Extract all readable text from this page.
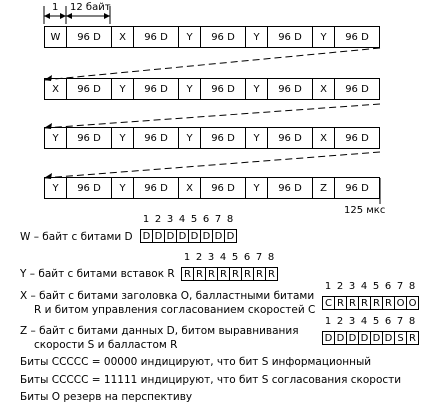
1 12 байт
W	96 D	X	96 D	Y	96 D	Y	96 D	Y	96 D
X	96 D	Y	96 D	Y	96 D	Y	96 D	X	96 D
Y	96 D	Y	96 D	Y	96 D	Y	96 D	X	96 D
Y	96 D	Y	96 D	X	96 D	Y	96 D	Z	96 D
125 мкс
1 2 3 4 5 6 7 8
W – байт с битами D D D D D D D D D
1 2 3 4 5 6 7 8
Y – байт с битами вставок R R R R R R R R R
1 2 3 4 5 6 7 8
X – байт с битами заголовка O, балластными битами
R и битом управления согласованием скоростей C
C R R R R R O O
1 2 3 4 5 6 7 8
Z – байт с битами данных D, битом выравнивания
скорости S и балластом R
D D D D D D S R
Биты CCCCC = 00000 индицируют, что бит S информационный
Биты CCCCC = 11111 индицируют, что бит S согласования скорости
Биты O резерв на перспективу
